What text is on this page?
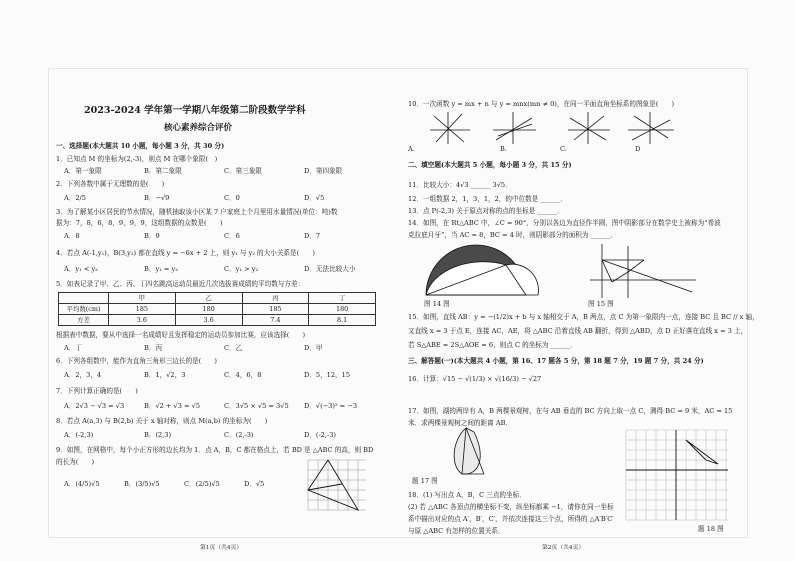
2023-2024 学年第一学期八年级第二阶段数学学科
核心素养综合评价
一、选择题(本大题共 10 小题，每小题 3 分，共 30 分)
1．已知点 M 的坐标为(2,-3)，则点 M 在哪个象限(　)
A．第一象限	B．第二象限	C．第三象限	D．第四象限
2．下列各数中属于无理数的是(　　)
A．2/5	B．−√9	C．0	D．√5
3．为了解某小区居民的节水情况，随机抽取该小区某 7 户家庭上个月里用水量情况(单位：吨)数
据为：7，8，6，8，9，9，9，这组数据的众数是(　　)
A．8	B．9	C．6	D．7
4．若点 A(-1,y₁)，B(3,y₂) 都在直线 y = −6x + 2 上，则 y₁ 与 y₂ 的大小关系是(　　)
A．y₁ < y₂	B．y₁ = y₂	C．y₁ > y₂	D．无法比较大小
5．如表记录了甲、乙、丙、丁四名跳高运动员最近几次选拔赛成绩的平均数与方差：
	甲	乙	丙	丁
平均数(cm)	185	180	185	180
方差	3.6	3.6	7.4	8.1
根据表中数据，要从中选择一名成绩好且发挥稳定的运动员参加比赛，应该选择(　　)
A．丁	B．丙	C．乙	D．甲
6．下列各组数中，能作为直角三角形三边长的是(　　)
A．2，3，4	B．1，√2，3	C．4，6，8	D．5，12，15
7．下列计算正确的是(　　)
A．2√3 − √3 = √3	B．√2 + √3 = √5	C．3√5 × √5 = 3√5 D．√(−3)² = −3
8．若点 A(a,3) 与 B(2,b) 关于 x 轴对称，则点 M(a,b) 的坐标为(　　)
A．(-2,3)	B．(2,3)	C．(2,-3)	D．(-2,-3)
9．如图，在网格中，每个小正方形的边长均为 1．点 A，B，C 都在格点上，若 BD 是 △ABC 的高，则 BD
的长为(　　)
A．(4/5)√5	B．(3/5)√5	C．(2/5)√5	D．√5
第1页（共4页）
10．一次函数 y = mx + n 与 y = mnx(mn ≠ 0)，在同一平面直角坐标系的图象是(　　)
B.	C.	D
A.
二、填空题(本大题共 5 小题，每小题 3 分，共 15 分)
11．比较大小：4√3 ______ 3√5．
12．一组数据 2，1，3，1，2，的中位数是 ______．
13．点 P(-2,3) 关于原点对称的点的坐标是 ______．
14．如图，在 Rt△ABC 中，∠C = 90°，分别以各边为直径作半圆，图中阴影部分在数学史上被称为“希波
克拉底月牙”，当 AC = 8，BC = 4 时，则阴影部分的面积为 ______．
图 14 图	图 15 图
15．如图，直线 AB：y = −(1/2)x + b 与 x 轴相交于 A，B 两点，点 C 为第一象限内一点，连接 BC 且 BC // x 轴，
又直线 x = 3 于点 E，连接 AC，AE，将 △ABC 沿着直线 AB 翻折，得到 △ABD，点 D 正好落在直线 x = 3 上，
若 S△ABE = 2S△AOE = 6，则点 C 的坐标为 ______．
三、解答题(一)(本大题共 4 小题，第 16、17 题各 5 分，第 18 题 7 分，19 题 7 分，共 24 分)
16．计算：√15 − √(1/3) × √(16/3) − √27
17．如图，湖的两岸有 A，B 两棵景观树，在与 AB 垂直的 BC 方向上取一点 C，测得 BC = 9 米，AC = 15
米．求两棵景观树之间的距离 AB．
题 17 图
题 18 图
18．(1) 写出点 A，B，C 三点的坐标．
(2) 若 △ABC 各顶点的横坐标不变，纵坐标都乘 −1，请你在同一坐标
系中描出对应的点 A′，B′，C′，并依次连接这三个点，所得的 △A′B′C′
与原 △ABC 有怎样的位置关系．
第2页（共4页）
